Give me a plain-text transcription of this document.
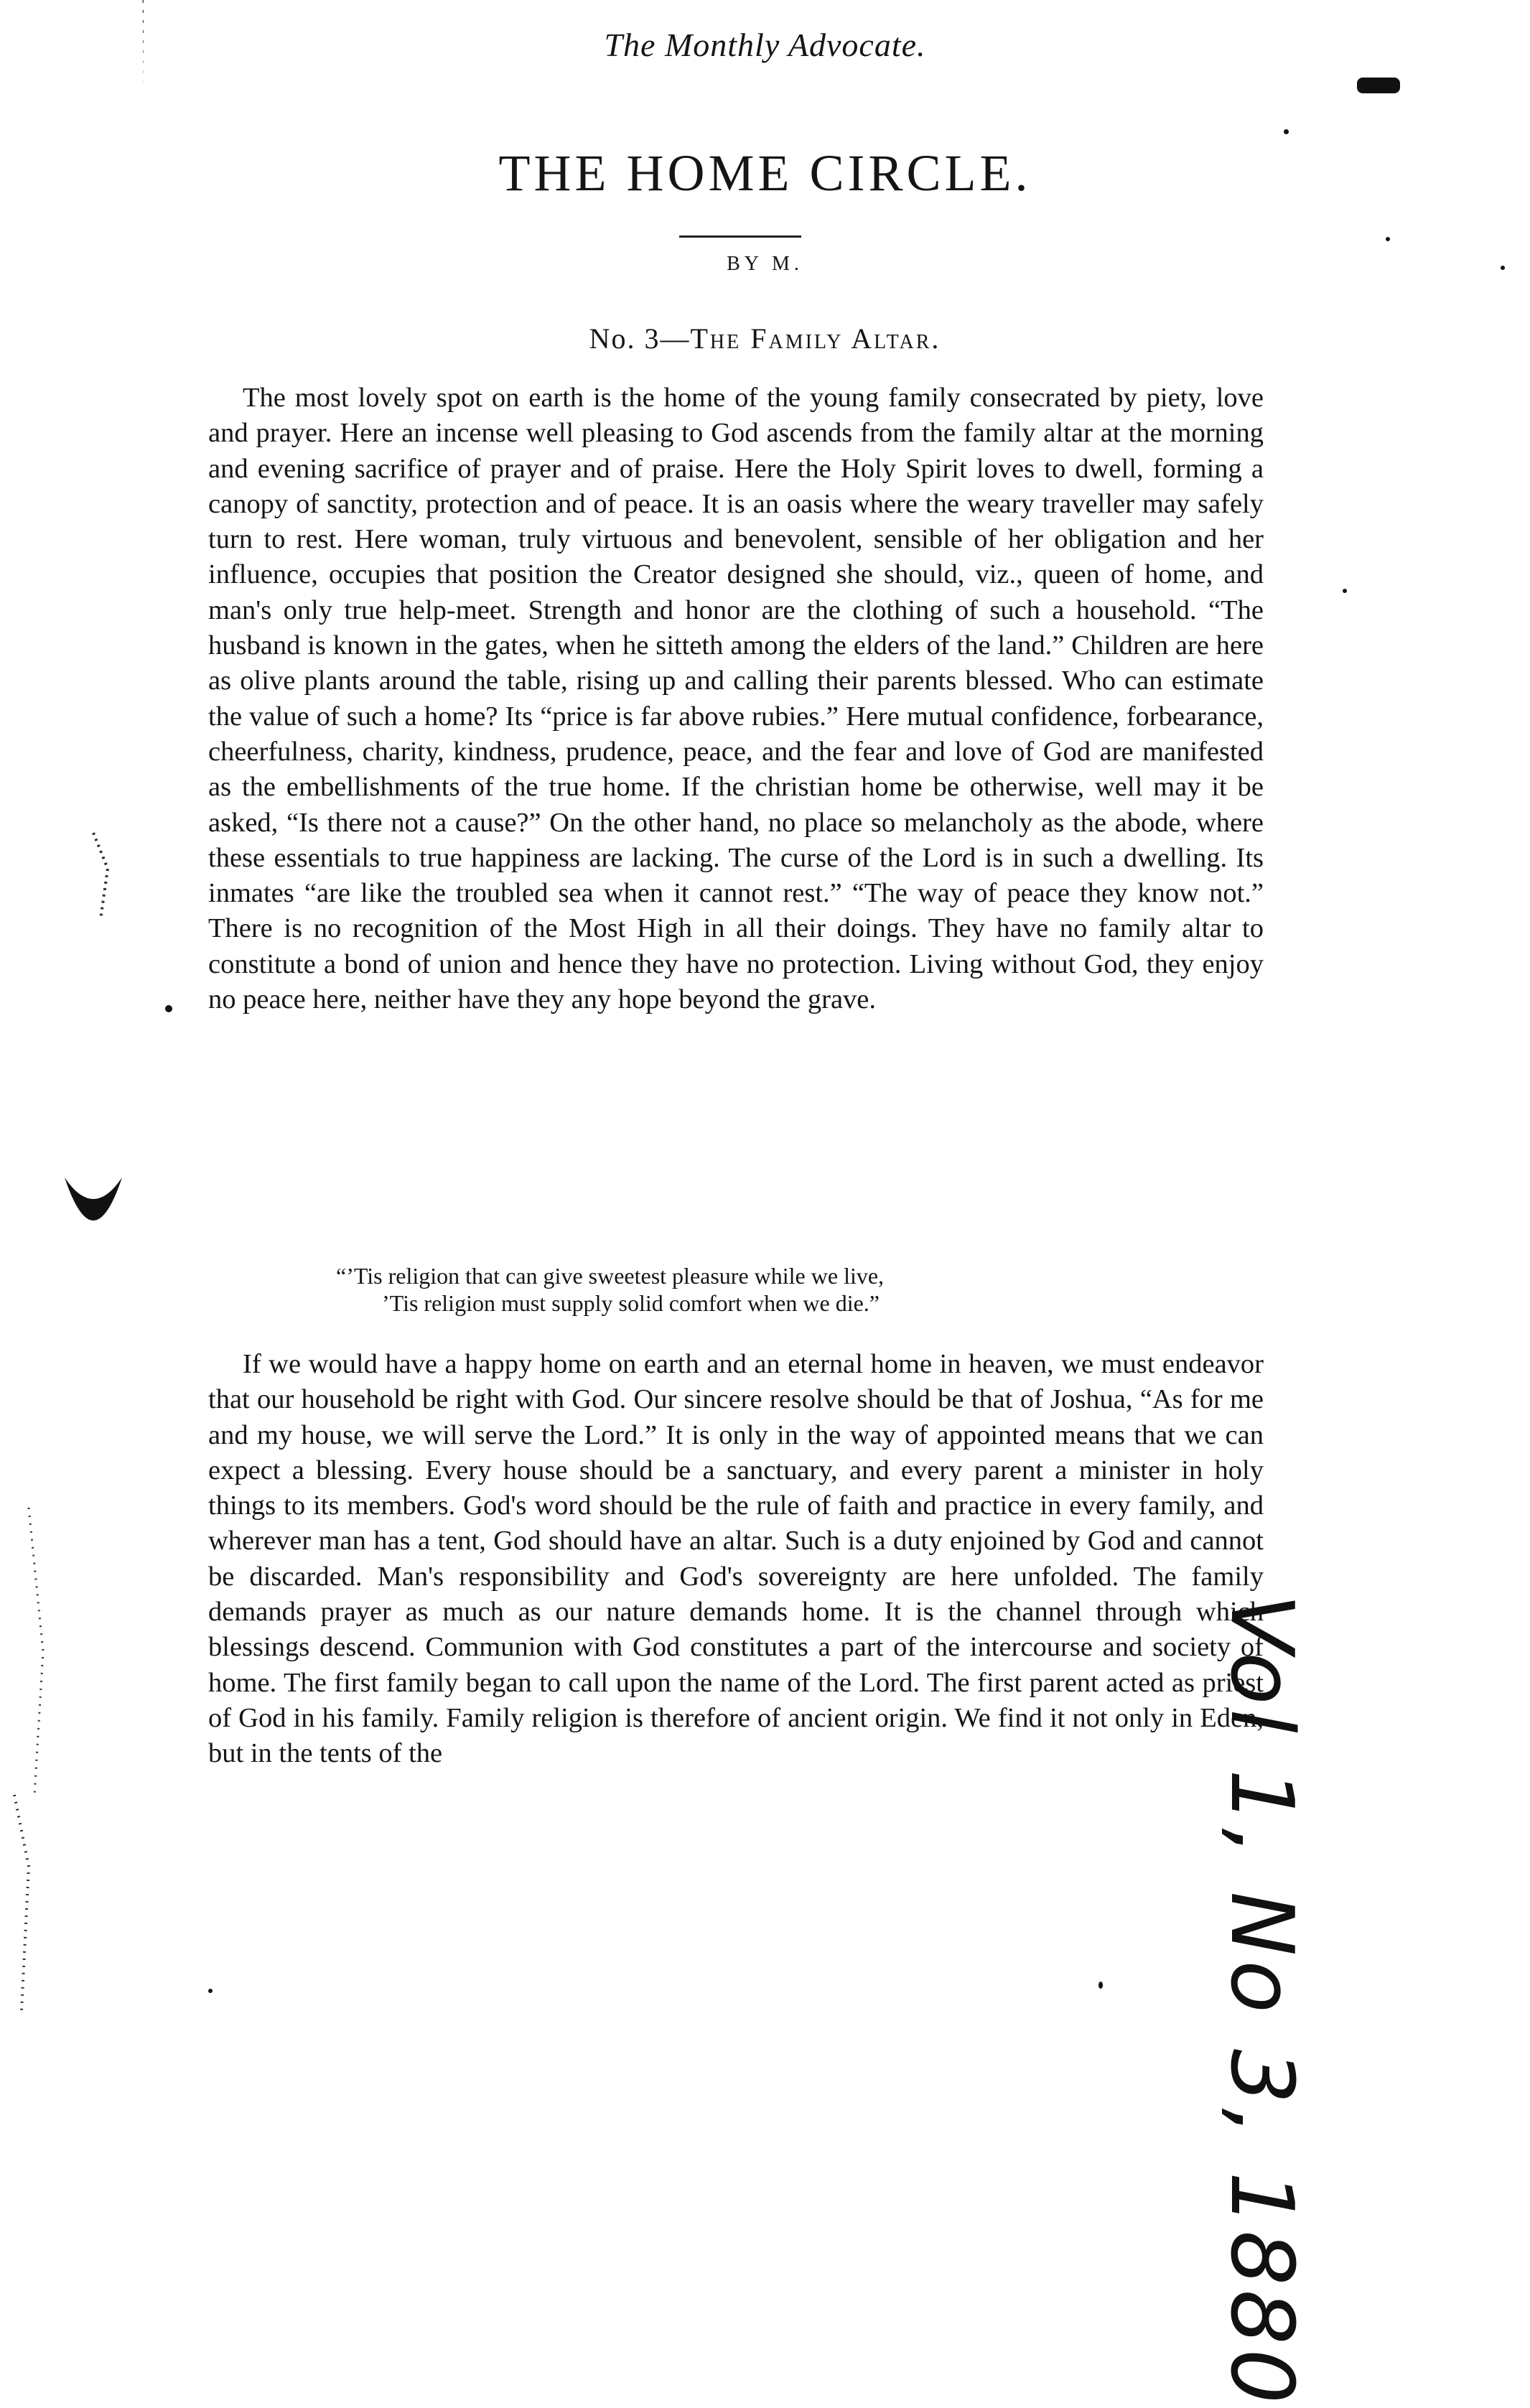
The Monthly Advocate.
THE HOME CIRCLE.
BY M.
No. 3—The Family Altar.

The most lovely spot on earth is the home of the young family consecrated by piety, love and prayer. Here an incense well pleasing to God ascends from the family altar at the morning and evening sacrifice of prayer and of praise. Here the Holy Spirit loves to dwell, forming a canopy of sanctity, protection and of peace. It is an oasis where the weary traveller may safely turn to rest. Here woman, truly virtuous and benevolent, sensible of her obligation and her influence, occupies that position the Creator designed she should, viz., queen of home, and man's only true help-meet. Strength and honor are the clothing of such a household. “The husband is known in the gates, when he sitteth among the elders of the land.” Children are here as olive plants around the table, rising up and calling their parents blessed. Who can estimate the value of such a home? Its “price is far above rubies.” Here mutual confidence, forbearance, cheerfulness, charity, kindness, prudence, peace, and the fear and love of God are manifested as the embellishments of the true home. If the christian home be otherwise, well may it be asked, “Is there not a cause?” On the other hand, no place so melancholy as the abode, where these essentials to true happiness are lacking. The curse of the Lord is in such a dwelling. Its inmates “are like the troubled sea when it cannot rest.” “The way of peace they know not.” There is no recognition of the Most High in all their doings. They have no family altar to constitute a bond of union and hence they have no protection. Living without God, they enjoy no peace here, neither have they any hope beyond the grave.

“’Tis religion that can give sweetest pleasure while we live,
’Tis religion must supply solid comfort when we die.”

If we would have a happy home on earth and an eternal home in heaven, we must endeavor that our household be right with God. Our sincere resolve should be that of Joshua, “As for me and my house, we will serve the Lord.” It is only in the way of appointed means that we can expect a blessing. Every house should be a sanctuary, and every parent a minister in holy things to its members. God's word should be the rule of faith and practice in every family, and wherever man has a tent, God should have an altar. Such is a duty enjoined by God and cannot be discarded. Man's responsibility and God's sovereignty are here unfolded. The family demands prayer as much as our nature demands home. It is the channel through which blessings descend. Communion with God constitutes a part of the intercourse and society of home. The first family began to call upon the name of the Lord. The first parent acted as priest of God in his family. Family religion is therefore of ancient origin. We find it not only in Eden, but in the tents of the	Vol 1, No 3, 1880
